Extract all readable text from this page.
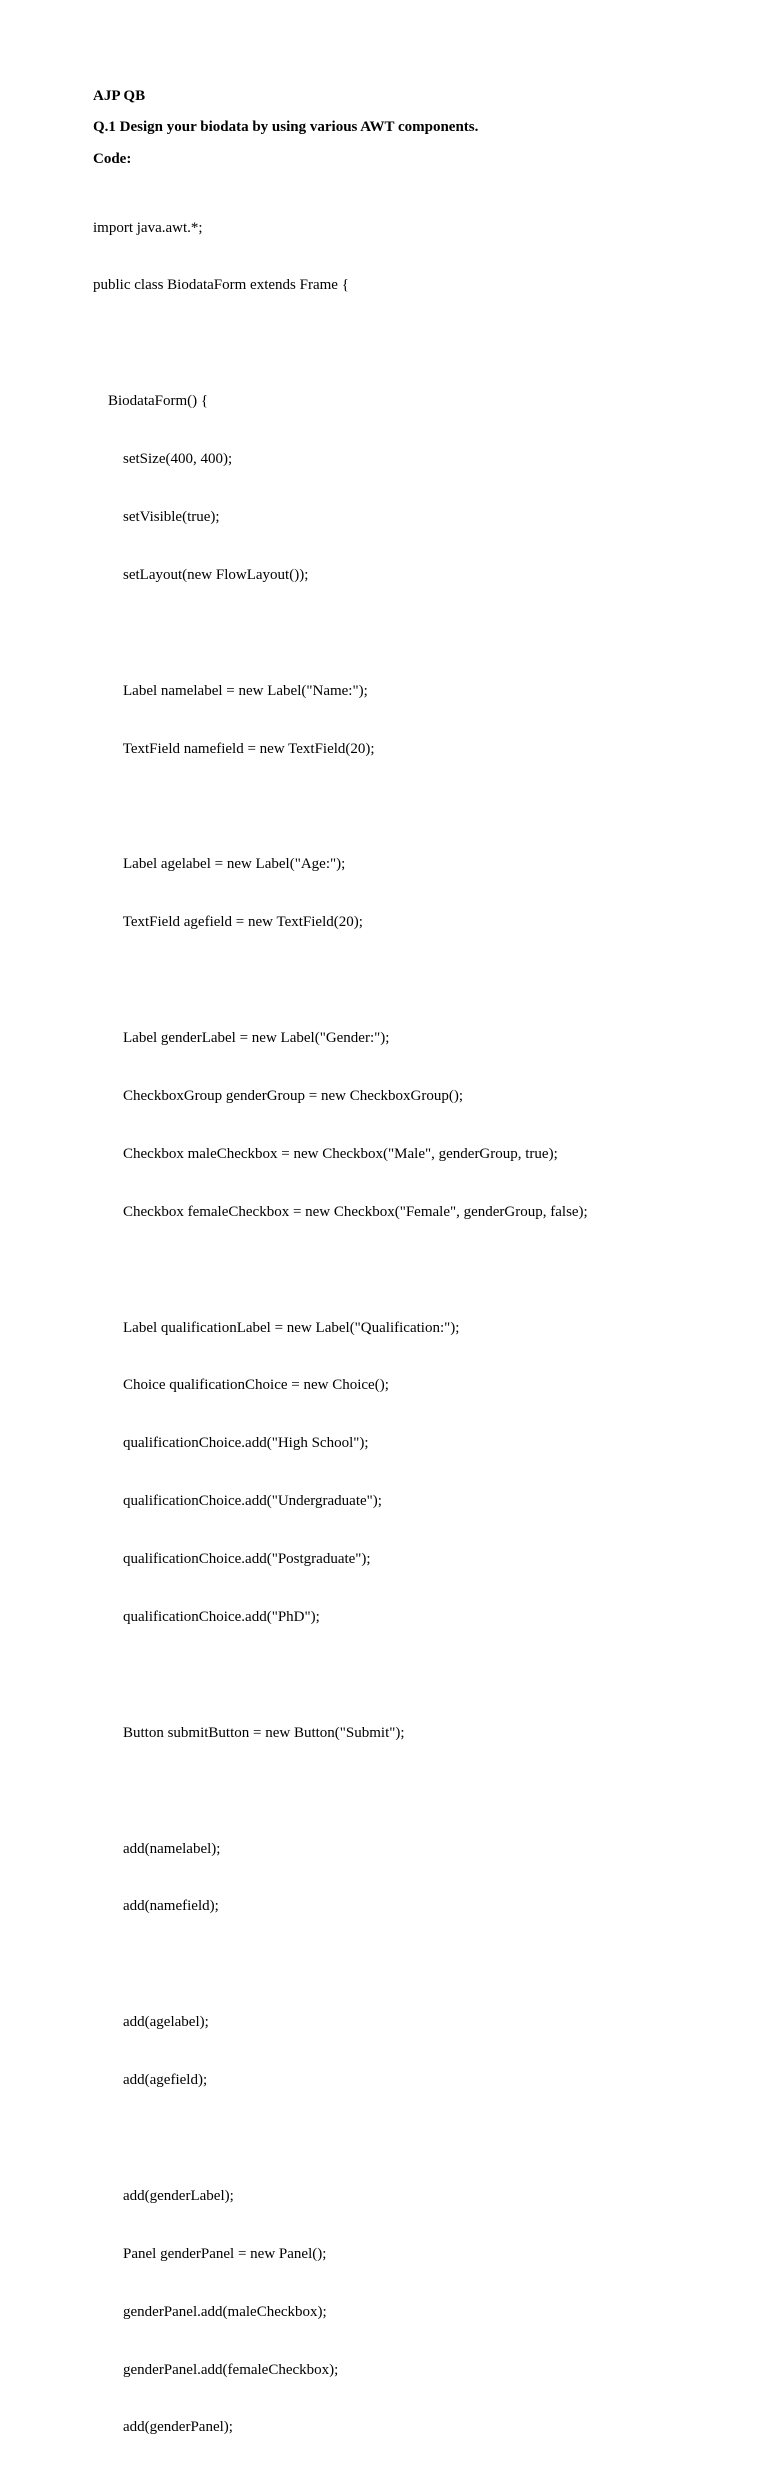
AJP QB
Q.1 Design your biodata by using various AWT components.
Code:

import java.awt.*;

public class BiodataForm extends Frame {

BiodataForm() {

setSize(400, 400);

setVisible(true);

setLayout(new FlowLayout());

Label namelabel = new Label("Name:");

TextField namefield = new TextField(20);

Label agelabel = new Label("Age:");

TextField agefield = new TextField(20);

Label genderLabel = new Label("Gender:");

CheckboxGroup genderGroup = new CheckboxGroup();

Checkbox maleCheckbox = new Checkbox("Male", genderGroup, true);

Checkbox femaleCheckbox = new Checkbox("Female", genderGroup, false);

Label qualificationLabel = new Label("Qualification:");

Choice qualificationChoice = new Choice();

qualificationChoice.add("High School");

qualificationChoice.add("Undergraduate");

qualificationChoice.add("Postgraduate");

qualificationChoice.add("PhD");

Button submitButton = new Button("Submit");

add(namelabel);

add(namefield);

add(agelabel);

add(agefield);

add(genderLabel);

Panel genderPanel = new Panel();

genderPanel.add(maleCheckbox);

genderPanel.add(femaleCheckbox);

add(genderPanel);
